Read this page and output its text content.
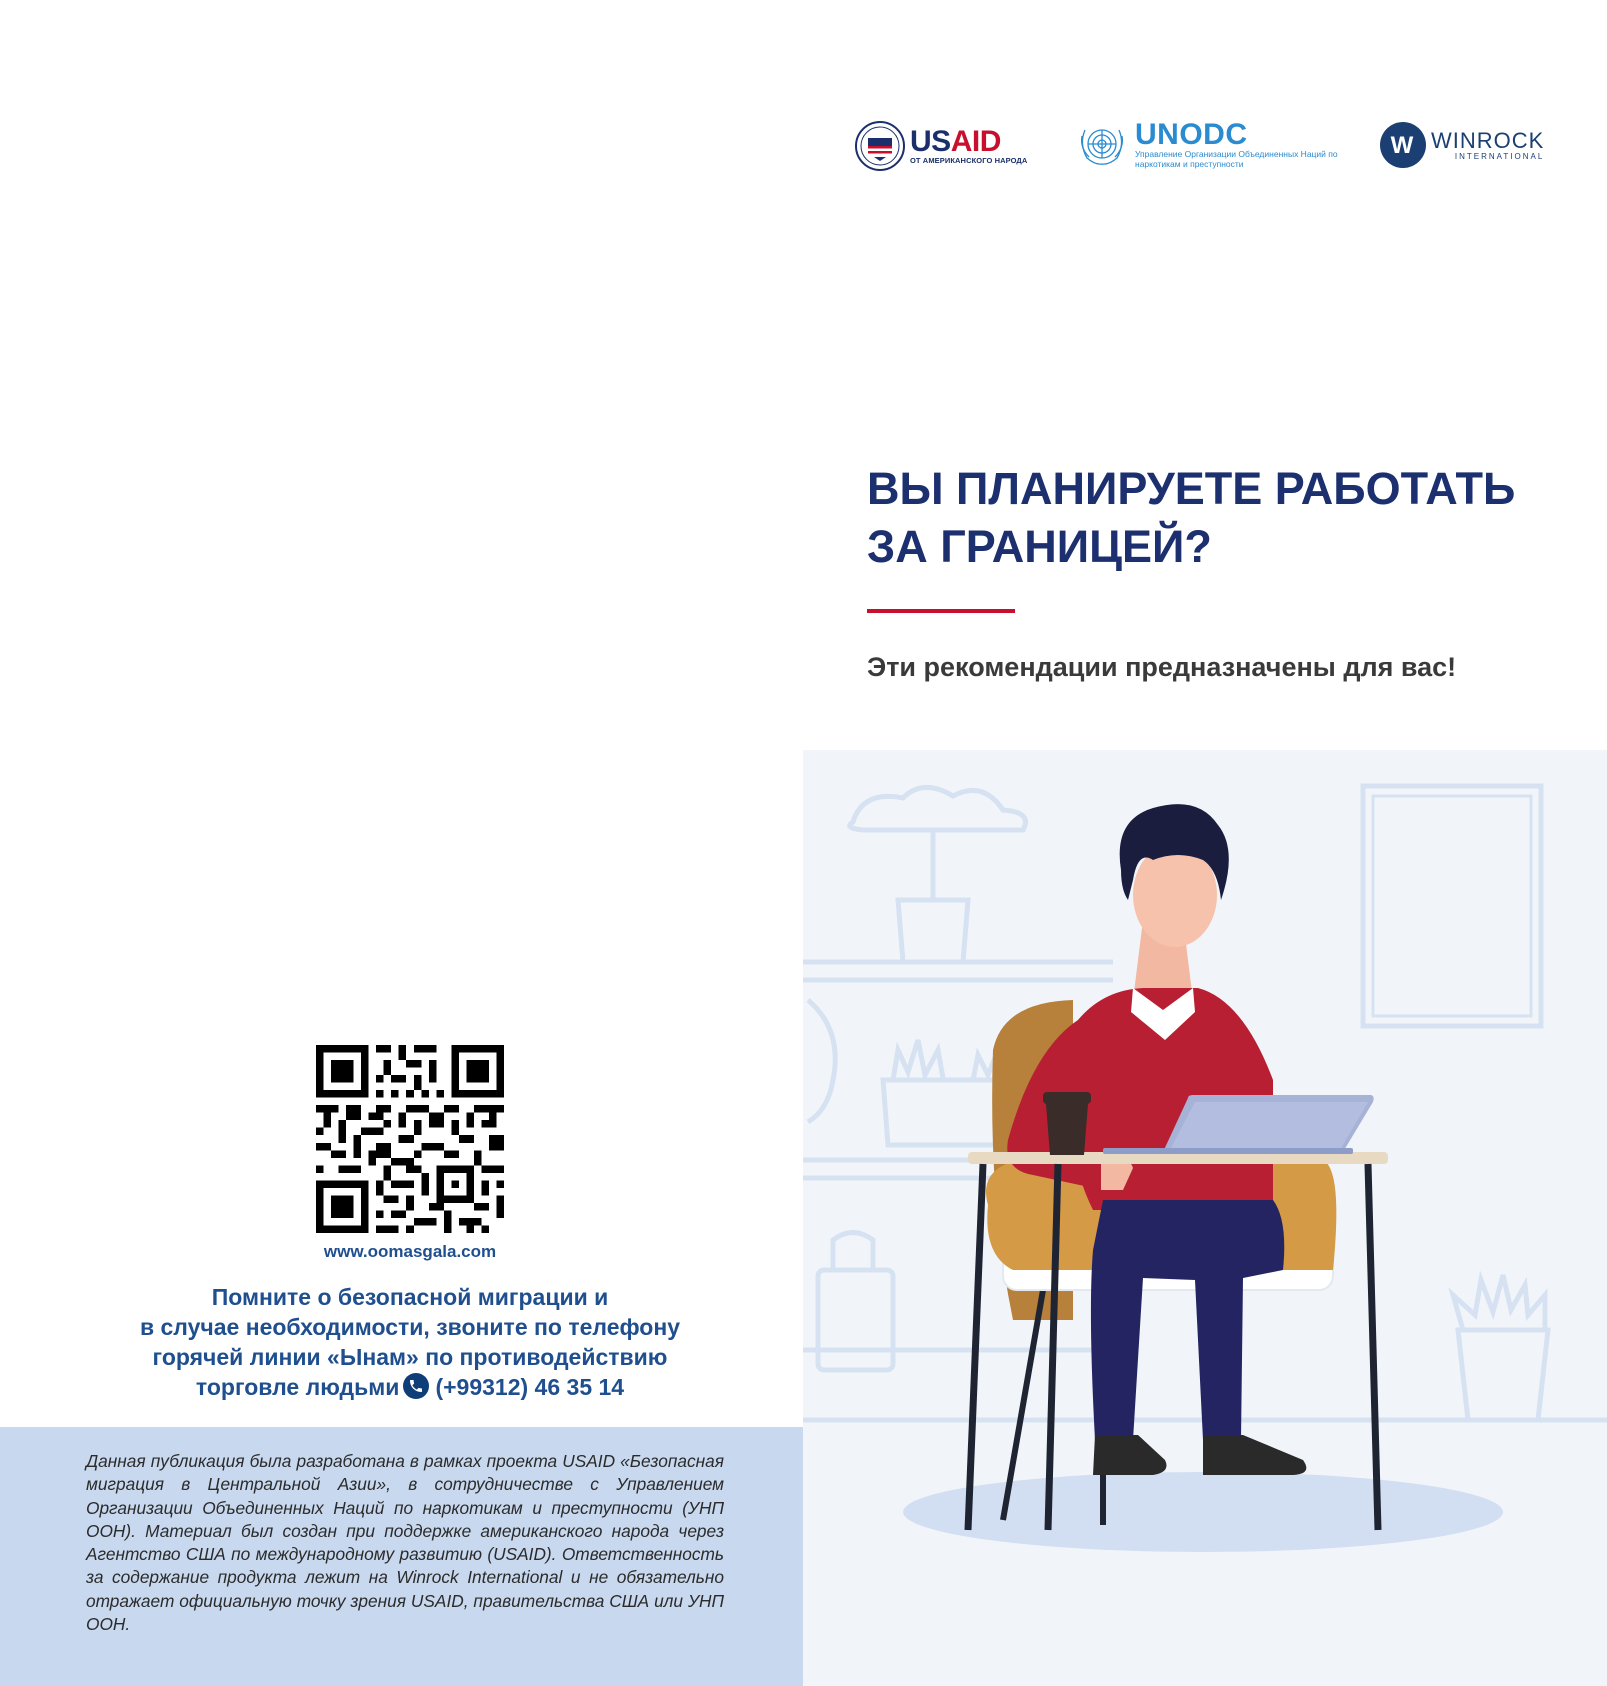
www.oomasgala.com
Помните о безопасной миграции и
в случае необходимости, звоните по телефону
горячей линии «Ынам» по противодействию
торговле людьми (+99312) 46 35 14
Данная публикация была разработана в рамках проекта USAID «Безопасная миграция в Центральной Азии», в сотрудничестве с Управлением Организации Объединенных Наций по наркотикам и преступности (УНП ООН). Материал был создан при поддержке американского народа через Агентство США по международному развитию (USAID). Ответственность за содержание продукта лежит на Winrock International и не обязательно отражает официальную точку зрения USAID, правительства США или УНП ООН.
USAID
ОТ АМЕРИКАНСКОГО НАРОДА
UNODC
Управление Организации Объединенных Наций по наркотикам и преступности
W WINROCK
INTERNATIONAL
ВЫ ПЛАНИРУЕТЕ РАБОТАТЬ
ЗА ГРАНИЦЕЙ?
Эти рекомендации предназначены для вас!
